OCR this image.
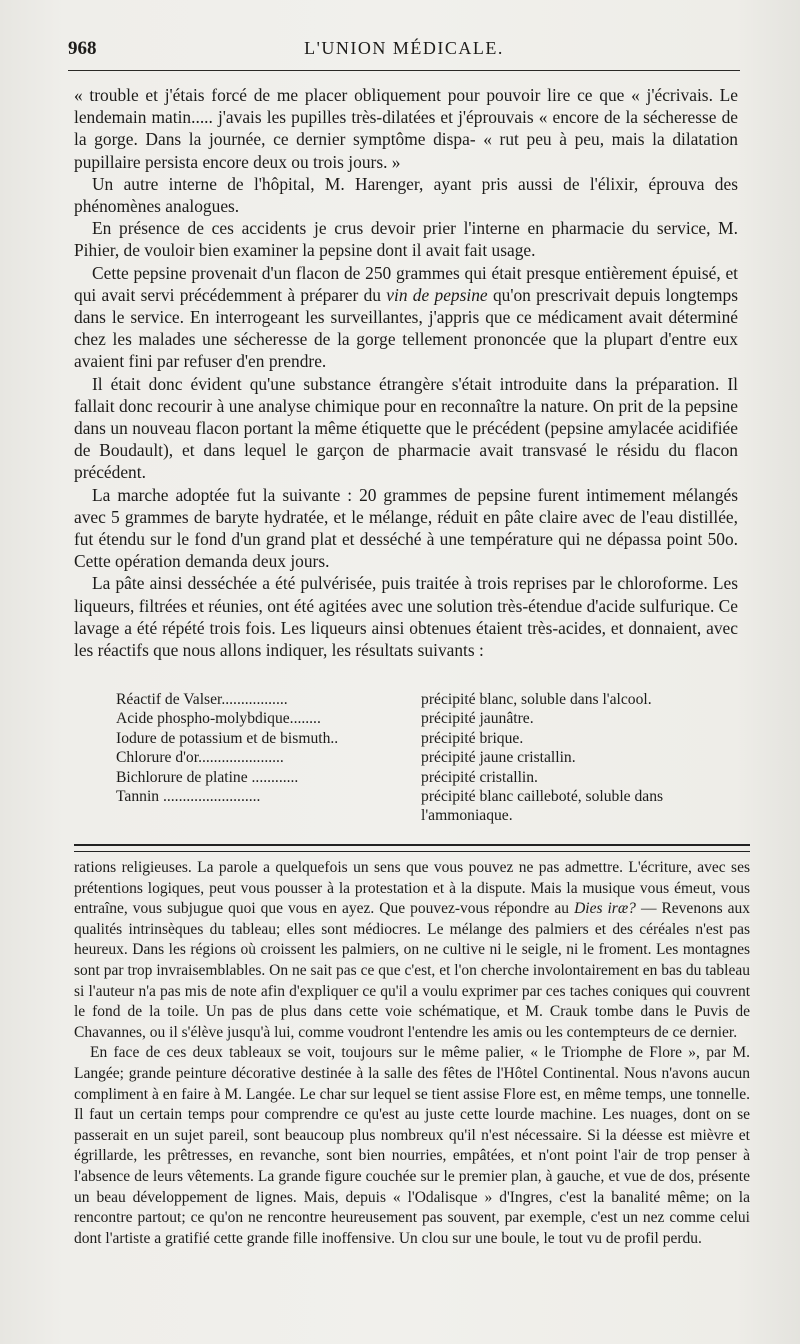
968	L'UNION MÉDICALE.

« trouble et j'étais forcé de me placer obliquement pour pouvoir lire ce que « j'écrivais. Le lendemain matin..... j'avais les pupilles très-dilatées et j'éprouvais « encore de la sécheresse de la gorge. Dans la journée, ce dernier symptôme dispa- « rut peu à peu, mais la dilatation pupillaire persista encore deux ou trois jours. »

Un autre interne de l'hôpital, M. Harenger, ayant pris aussi de l'élixir, éprouva des phénomènes analogues.

En présence de ces accidents je crus devoir prier l'interne en pharmacie du service, M. Pihier, de vouloir bien examiner la pepsine dont il avait fait usage.

Cette pepsine provenait d'un flacon de 250 grammes qui était presque entièrement épuisé, et qui avait servi précédemment à préparer du vin de pepsine qu'on prescrivait depuis longtemps dans le service. En interrogeant les surveillantes, j'appris que ce médicament avait déterminé chez les malades une sécheresse de la gorge tellement prononcée que la plupart d'entre eux avaient fini par refuser d'en prendre.

Il était donc évident qu'une substance étrangère s'était introduite dans la préparation. Il fallait donc recourir à une analyse chimique pour en reconnaître la nature. On prit de la pepsine dans un nouveau flacon portant la même étiquette que le précédent (pepsine amylacée acidifiée de Boudault), et dans lequel le garçon de pharmacie avait transvasé le résidu du flacon précédent.

La marche adoptée fut la suivante : 20 grammes de pepsine furent intimement mélangés avec 5 grammes de baryte hydratée, et le mélange, réduit en pâte claire avec de l'eau distillée, fut étendu sur le fond d'un grand plat et desséché à une température qui ne dépassa point 50o. Cette opération demanda deux jours.

La pâte ainsi desséchée a été pulvérisée, puis traitée à trois reprises par le chloroforme. Les liqueurs, filtrées et réunies, ont été agitées avec une solution très-étendue d'acide sulfurique. Ce lavage a été répété trois fois. Les liqueurs ainsi obtenues étaient très-acides, et donnaient, avec les réactifs que nous allons indiquer, les résultats suivants :

Réactif de Valser.................	précipité blanc, soluble dans l'alcool.
Acide phospho-molybdique........	précipité jaunâtre.
Iodure de potassium et de bismuth..	précipité brique.
Chlorure d'or......................	précipité jaune cristallin.
Bichlorure de platine ............	précipité cristallin.
Tannin .........................	précipité blanc cailleboté, soluble dans l'ammoniaque.

rations religieuses. La parole a quelquefois un sens que vous pouvez ne pas admettre. L'écriture, avec ses prétentions logiques, peut vous pousser à la protestation et à la dispute. Mais la musique vous émeut, vous entraîne, vous subjugue quoi que vous en ayez. Que pouvez-vous répondre au Dies iræ? — Revenons aux qualités intrinsèques du tableau; elles sont médiocres. Le mélange des palmiers et des céréales n'est pas heureux. Dans les régions où croissent les palmiers, on ne cultive ni le seigle, ni le froment. Les montagnes sont par trop invraisemblables. On ne sait pas ce que c'est, et l'on cherche involontairement en bas du tableau si l'auteur n'a pas mis de note afin d'expliquer ce qu'il a voulu exprimer par ces taches coniques qui couvrent le fond de la toile. Un pas de plus dans cette voie schématique, et M. Crauk tombe dans le Puvis de Chavannes, ou il s'élève jusqu'à lui, comme voudront l'entendre les amis ou les contempteurs de ce dernier.

En face de ces deux tableaux se voit, toujours sur le même palier, « le Triomphe de Flore », par M. Langée; grande peinture décorative destinée à la salle des fêtes de l'Hôtel Continental. Nous n'avons aucun compliment à en faire à M. Langée. Le char sur lequel se tient assise Flore est, en même temps, une tonnelle. Il faut un certain temps pour comprendre ce qu'est au juste cette lourde machine. Les nuages, dont on se passerait en un sujet pareil, sont beaucoup plus nombreux qu'il n'est nécessaire. Si la déesse est mièvre et égrillarde, les prêtresses, en revanche, sont bien nourries, empâtées, et n'ont point l'air de trop penser à l'absence de leurs vêtements. La grande figure couchée sur le premier plan, à gauche, et vue de dos, présente un beau développement de lignes. Mais, depuis « l'Odalisque » d'Ingres, c'est la banalité même; on la rencontre partout; ce qu'on ne rencontre heureusement pas souvent, par exemple, c'est un nez comme celui dont l'artiste a gratifié cette grande fille inoffensive. Un clou sur une boule, le tout vu de profil perdu.
